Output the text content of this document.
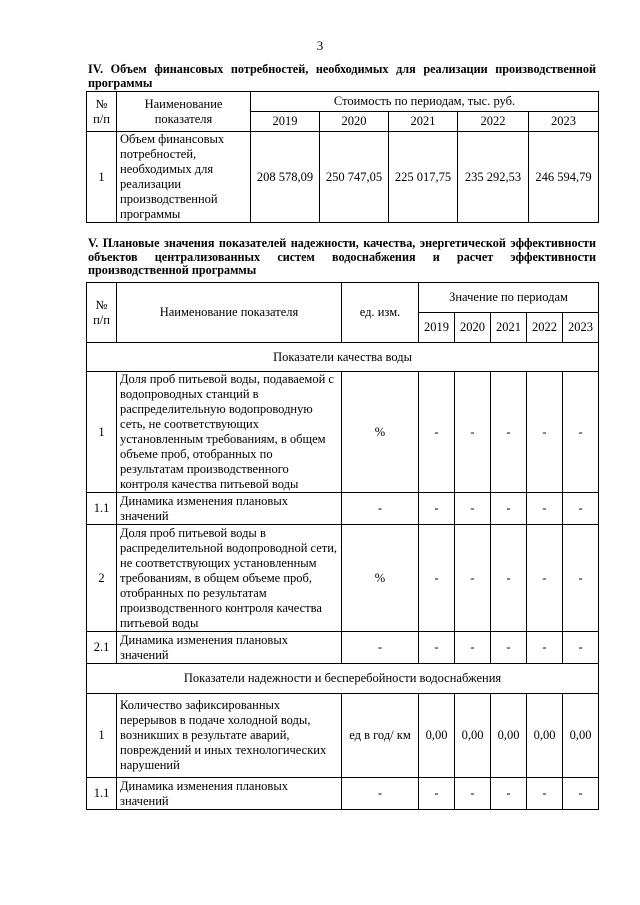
3
IV. Объем финансовых потребностей, необходимых для реализации производственной программы
№ п/п	Наименование показателя	Стоимость по периодам, тыс. руб.				
		2019	2020	2021	2022	2023
1	Объем финансовых потребностей, необходимых для реализации производственной программы	208 578,09	250 747,05	225 017,75	235 292,53	246 594,79
V. Плановые значения показателей надежности, качества, энергетической эффективности объектов централизованных систем водоснабжения и расчет эффективности производственной программы
№ п/п	Наименование показателя	ед. изм.	Значение по периодам				
			2019	2020	2021	2022	2023
Показатели качества воды							
1	Доля проб питьевой воды, подаваемой с водопроводных станций в распределительную водопроводную сеть, не соответствующих установленным требованиям, в общем объеме проб, отобранных по результатам производственного контроля качества питьевой воды	%	-	-	-	-	-
1.1	Динамика изменения плановых значений	-	-	-	-	-	-
2	Доля проб питьевой воды в распределительной водопроводной сети, не соответствующих установленным требованиям, в общем объеме проб, отобранных по результатам производственного контроля качества питьевой воды	%	-	-	-	-	-
2.1	Динамика изменения плановых значений	-	-	-	-	-	-
Показатели надежности и бесперебойности водоснабжения							
1	Количество зафиксированных перерывов в подаче холодной воды, возникших в результате аварий, повреждений и иных технологических нарушений	ед в год/ км	0,00	0,00	0,00	0,00	0,00
1.1	Динамика изменения плановых значений	-	-	-	-	-	-
